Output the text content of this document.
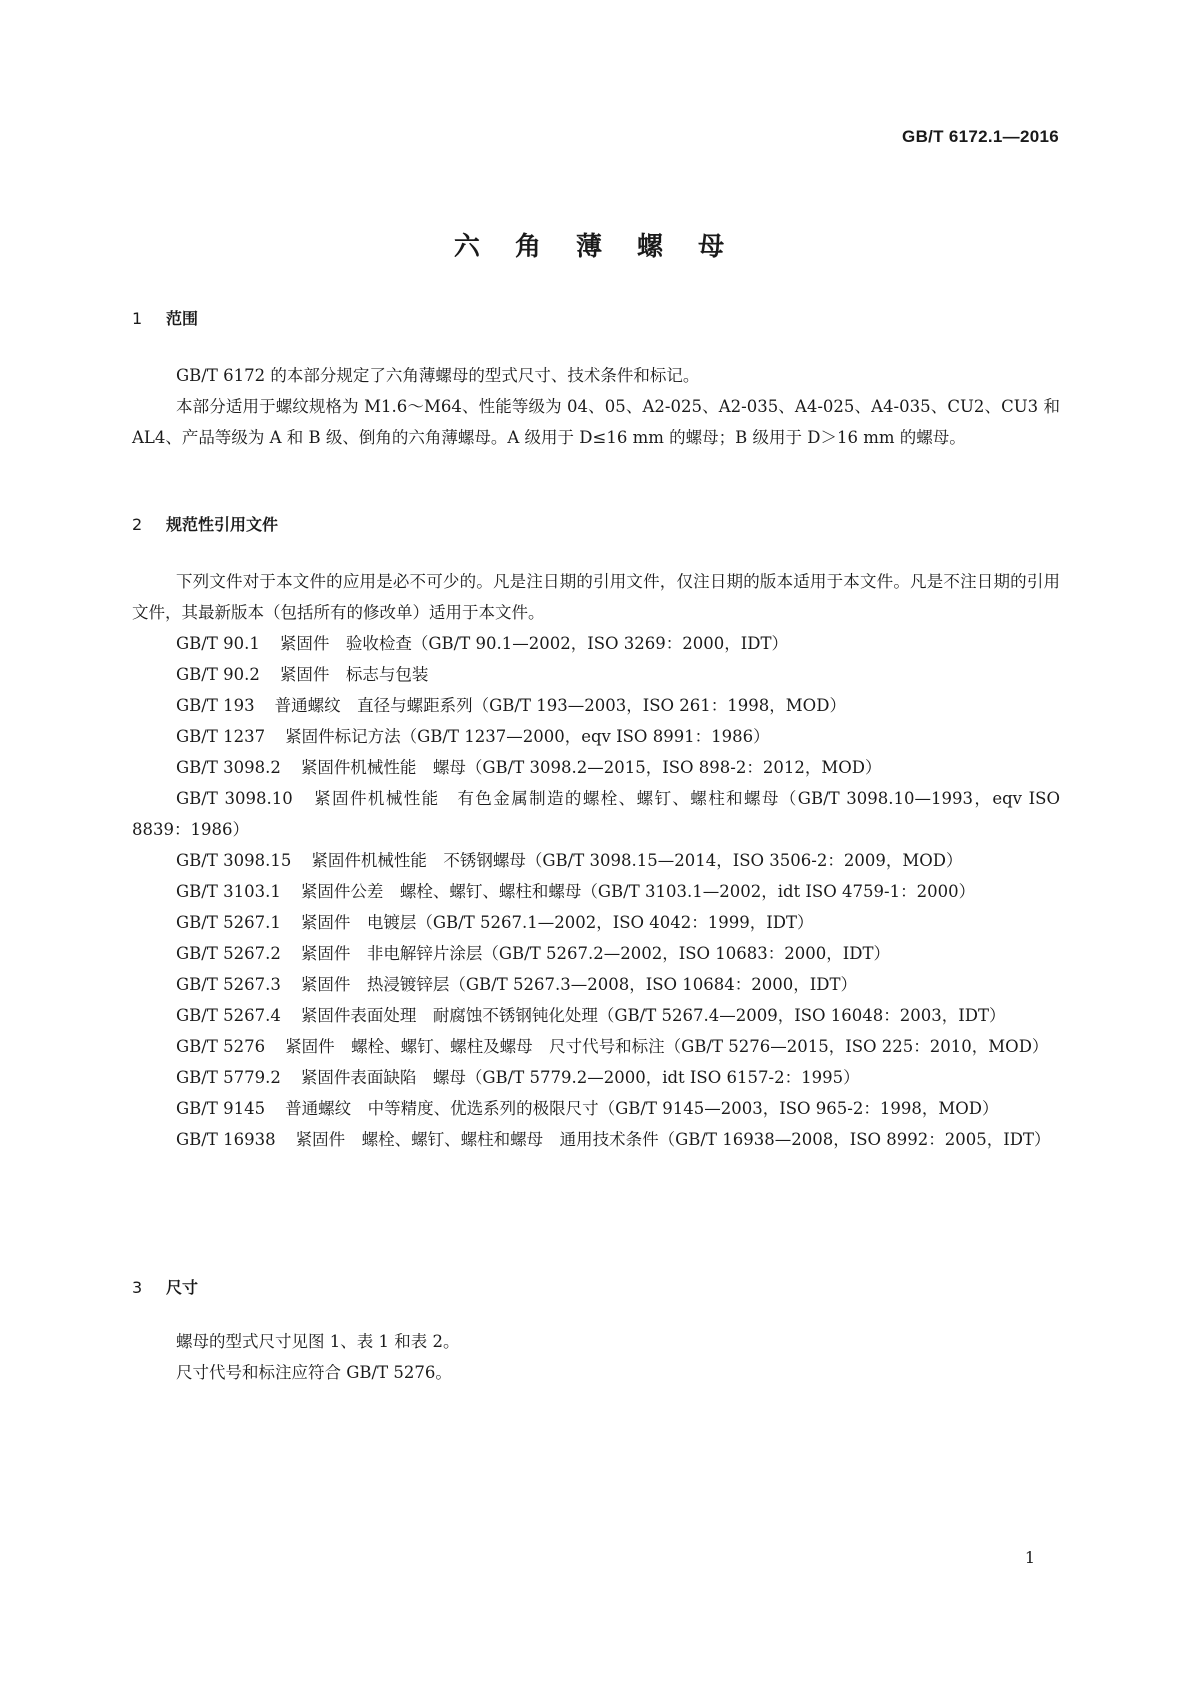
GB/T 6172.1—2016
六 角 薄 螺 母
1 范围

GB/T 6172 的本部分规定了六角薄螺母的型式尺寸、技术条件和标记。

本部分适用于螺纹规格为 M1.6～M64、性能等级为 04、05、A2-025、A2-035、A4-025、A4-035、CU2、CU3 和 AL4、产品等级为 A 和 B 级、倒角的六角薄螺母。A 级用于 D≤16 mm 的螺母；B 级用于 D＞16 mm 的螺母。

2 规范性引用文件

下列文件对于本文件的应用是必不可少的。凡是注日期的引用文件，仅注日期的版本适用于本文件。凡是不注日期的引用文件，其最新版本（包括所有的修改单）适用于本文件。

GB/T 90.1 紧固件　验收检查（GB/T 90.1—2002，ISO 3269：2000，IDT）
GB/T 90.2 紧固件　标志与包装
GB/T 193 普通螺纹　直径与螺距系列（GB/T 193—2003，ISO 261：1998，MOD）
GB/T 1237 紧固件标记方法（GB/T 1237—2000，eqv ISO 8991：1986）
GB/T 3098.2 紧固件机械性能　螺母（GB/T 3098.2—2015，ISO 898-2：2012，MOD）
GB/T 3098.10 紧固件机械性能　有色金属制造的螺栓、螺钉、螺柱和螺母（GB/T 3098.10—1993，eqv ISO 8839：1986）
GB/T 3098.15 紧固件机械性能　不锈钢螺母（GB/T 3098.15—2014，ISO 3506-2：2009，MOD）
GB/T 3103.1 紧固件公差　螺栓、螺钉、螺柱和螺母（GB/T 3103.1—2002，idt ISO 4759-1：2000）
GB/T 5267.1 紧固件　电镀层（GB/T 5267.1—2002，ISO 4042：1999，IDT）
GB/T 5267.2 紧固件　非电解锌片涂层（GB/T 5267.2—2002，ISO 10683：2000，IDT）
GB/T 5267.3 紧固件　热浸镀锌层（GB/T 5267.3—2008，ISO 10684：2000，IDT）
GB/T 5267.4 紧固件表面处理　耐腐蚀不锈钢钝化处理（GB/T 5267.4—2009，ISO 16048：2003，IDT）
GB/T 5276 紧固件　螺栓、螺钉、螺柱及螺母　尺寸代号和标注（GB/T 5276—2015，ISO 225：2010，MOD）
GB/T 5779.2 紧固件表面缺陷　螺母（GB/T 5779.2—2000，idt ISO 6157-2：1995）
GB/T 9145 普通螺纹　中等精度、优选系列的极限尺寸（GB/T 9145—2003，ISO 965-2：1998，MOD）
GB/T 16938 紧固件　螺栓、螺钉、螺柱和螺母　通用技术条件（GB/T 16938—2008，ISO 8992：2005，IDT）
3 尺寸

螺母的型式尺寸见图 1、表 1 和表 2。

尺寸代号和标注应符合 GB/T 5276。

1
